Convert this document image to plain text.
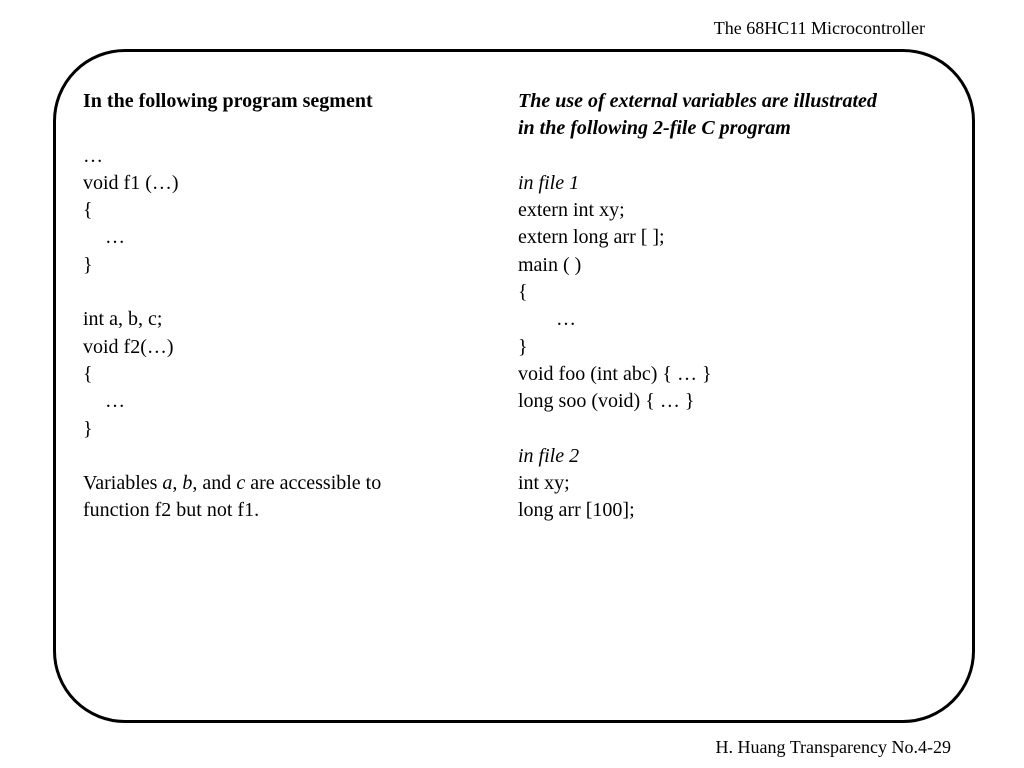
The 68HC11 Microcontroller
In the following program segment
…
void f1 (…)
{
…
}
int a, b, c;
void f2(…)
{
…
}
Variables a, b, and c are accessible to
function f2 but not f1.
The use of external variables are illustrated
in the following 2-file C program
in file 1
extern int xy;
extern long arr [ ];
main ( )
{
…
}
void foo (int abc) { … }
long soo (void) { … }
in file 2
int xy;
long arr [100];
H. Huang Transparency No.4-29
